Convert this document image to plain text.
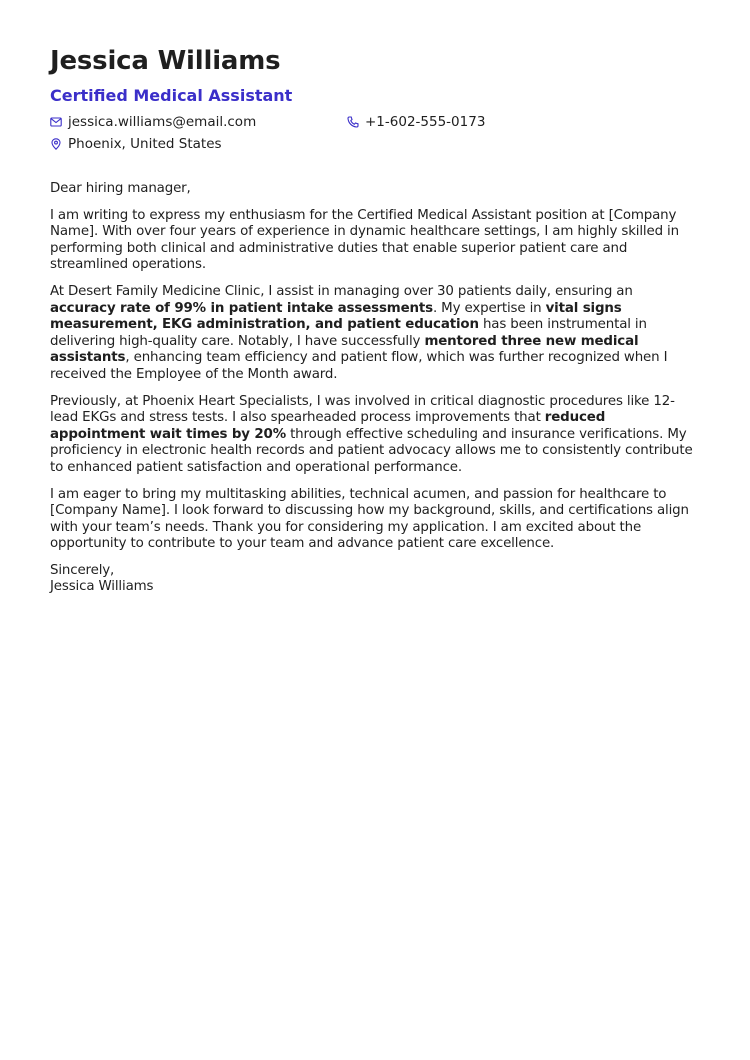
Jessica Williams
Certified Medical Assistant
jessica.williams@email.com	+1-602-555-0173
Phoenix, United States

Dear hiring manager,

I am writing to express my enthusiasm for the Certified Medical Assistant position at [Company Name]. With over four years of experience in dynamic healthcare settings, I am highly skilled in performing both clinical and administrative duties that enable superior patient care and streamlined operations.

At Desert Family Medicine Clinic, I assist in managing over 30 patients daily, ensuring an accuracy rate of 99% in patient intake assessments. My expertise in vital signs measurement, EKG administration, and patient education has been instrumental in delivering high-quality care. Notably, I have successfully mentored three new medical assistants, enhancing team efficiency and patient flow, which was further recognized when I received the Employee of the Month award.

Previously, at Phoenix Heart Specialists, I was involved in critical diagnostic procedures like 12-lead EKGs and stress tests. I also spearheaded process improvements that reduced appointment wait times by 20% through effective scheduling and insurance verifications. My proficiency in electronic health records and patient advocacy allows me to consistently contribute to enhanced patient satisfaction and operational performance.

I am eager to bring my multitasking abilities, technical acumen, and passion for healthcare to [Company Name]. I look forward to discussing how my background, skills, and certifications align with your team’s needs. Thank you for considering my application. I am excited about the opportunity to contribute to your team and advance patient care excellence.

Sincerely,
Jessica Williams
